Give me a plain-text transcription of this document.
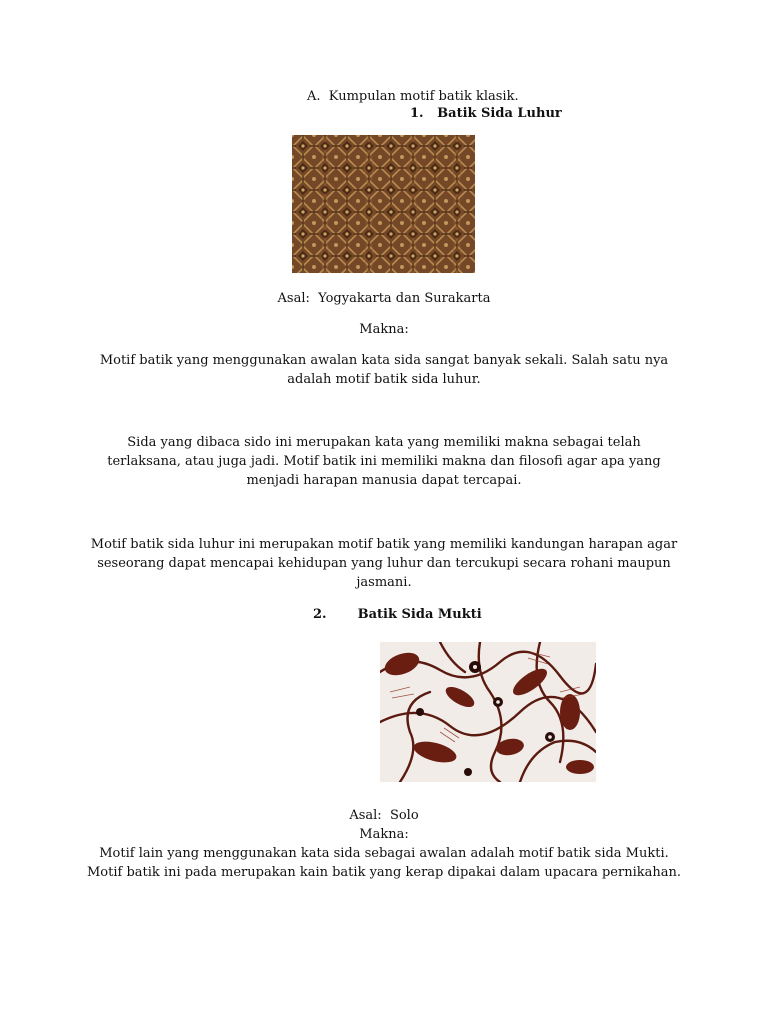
A. Kumpulan motif batik klasik.
1. Batik Sida Luhur
Asal: Yogyakarta dan Surakarta
Makna:
Motif batik yang menggunakan awalan kata sida sangat banyak sekali. Salah satu nya adalah motif batik sida luhur.
Sida yang dibaca sido ini merupakan kata yang memiliki makna sebagai telah terlaksana, atau juga jadi. Motif batik ini memiliki makna dan filosofi agar apa yang menjadi harapan manusia dapat tercapai.
Motif batik sida luhur ini merupakan motif batik yang memiliki kandungan harapan agar seseorang dapat mencapai kehidupan yang luhur dan tercukupi secara rohani maupun jasmani.
2. Batik Sida Mukti
Asal: Solo
Makna:
Motif lain yang menggunakan kata sida sebagai awalan adalah motif batik sida Mukti.
Motif batik ini pada merupakan kain batik yang kerap dipakai dalam upacara pernikahan.
